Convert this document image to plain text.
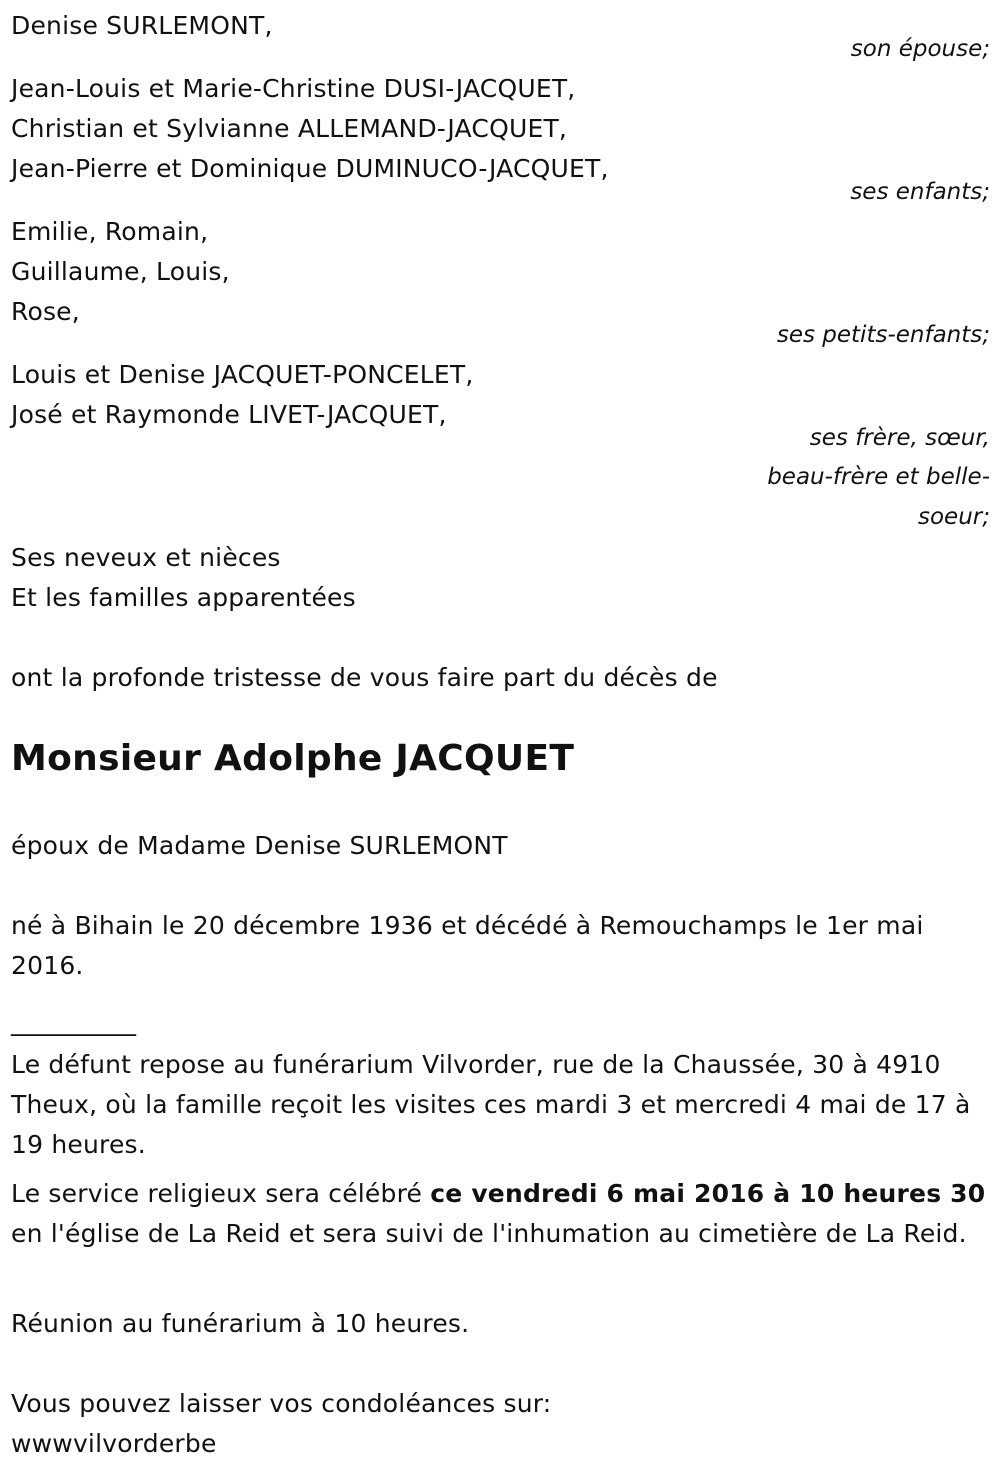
Denise SURLEMONT,
son épouse;
Jean-Louis et Marie-Christine DUSI-JACQUET,
Christian et Sylvianne ALLEMAND-JACQUET,
Jean-Pierre et Dominique DUMINUCO-JACQUET,
ses enfants;
Emilie, Romain,
Guillaume, Louis,
Rose,
ses petits-enfants;
Louis et Denise JACQUET-PONCELET,
José et Raymonde LIVET-JACQUET,
ses frère, sœur,
beau-frère et belle-
soeur;
Ses neveux et nièces
Et les familles apparentées
ont la profonde tristesse de vous faire part du décès de
Monsieur Adolphe JACQUET
époux de Madame Denise SURLEMONT
né à Bihain le 20 décembre 1936 et décédé à Remouchamps le 1er mai 2016.
__________
Le défunt repose au funérarium Vilvorder, rue de la Chaussée, 30 à 4910 Theux, où la famille reçoit les visites ces mardi 3 et mercredi 4 mai de 17 à 19 heures.
Le service religieux sera célébré ce vendredi 6 mai 2016 à 10 heures 30 en l'église de La Reid et sera suivi de l'inhumation au cimetière de La Reid.
Réunion au funérarium à 10 heures.
Vous pouvez laisser vos condoléances sur:
wwwvilvorderbe
